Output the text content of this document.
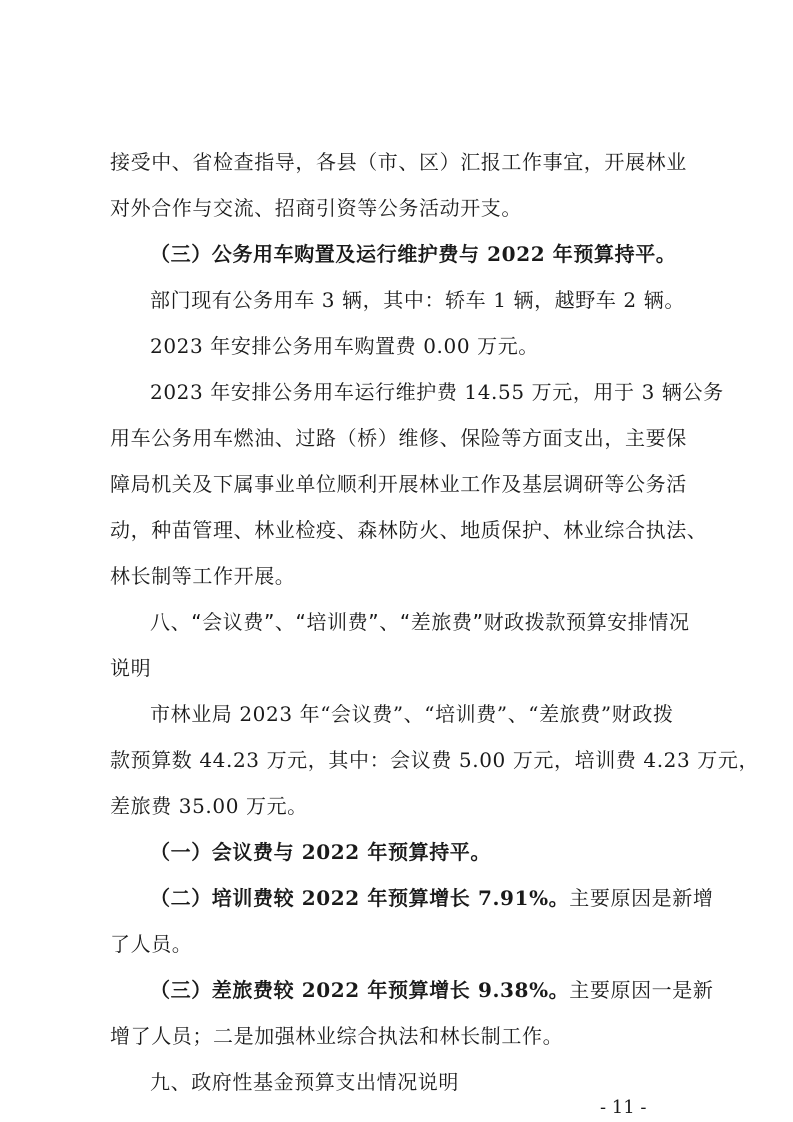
接受中、省检查指导，各县（市、区）汇报工作事宜，开展林业
对外合作与交流、招商引资等公务活动开支。
（三）公务用车购置及运行维护费与 2022 年预算持平。
部门现有公务用车 3 辆，其中：轿车 1 辆，越野车 2 辆。
2023 年安排公务用车购置费 0.00 万元。
2023 年安排公务用车运行维护费 14.55 万元，用于 3 辆公务
用车公务用车燃油、过路（桥）维修、保险等方面支出，主要保
障局机关及下属事业单位顺利开展林业工作及基层调研等公务活
动，种苗管理、林业检疫、森林防火、地质保护、林业综合执法、
林长制等工作开展。
八、“会议费”、“培训费”、“差旅费”财政拨款预算安排情况
说明
市林业局 2023 年“会议费”、“培训费”、“差旅费”财政拨
款预算数 44.23 万元，其中：会议费 5.00 万元，培训费 4.23 万元，
差旅费 35.00 万元。
（一）会议费与 2022 年预算持平。
（二）培训费较 2022 年预算增长 7.91%。主要原因是新增
了人员。
（三）差旅费较 2022 年预算增长 9.38%。主要原因一是新
增了人员；二是加强林业综合执法和林长制工作。
九、政府性基金预算支出情况说明
- 11 -
